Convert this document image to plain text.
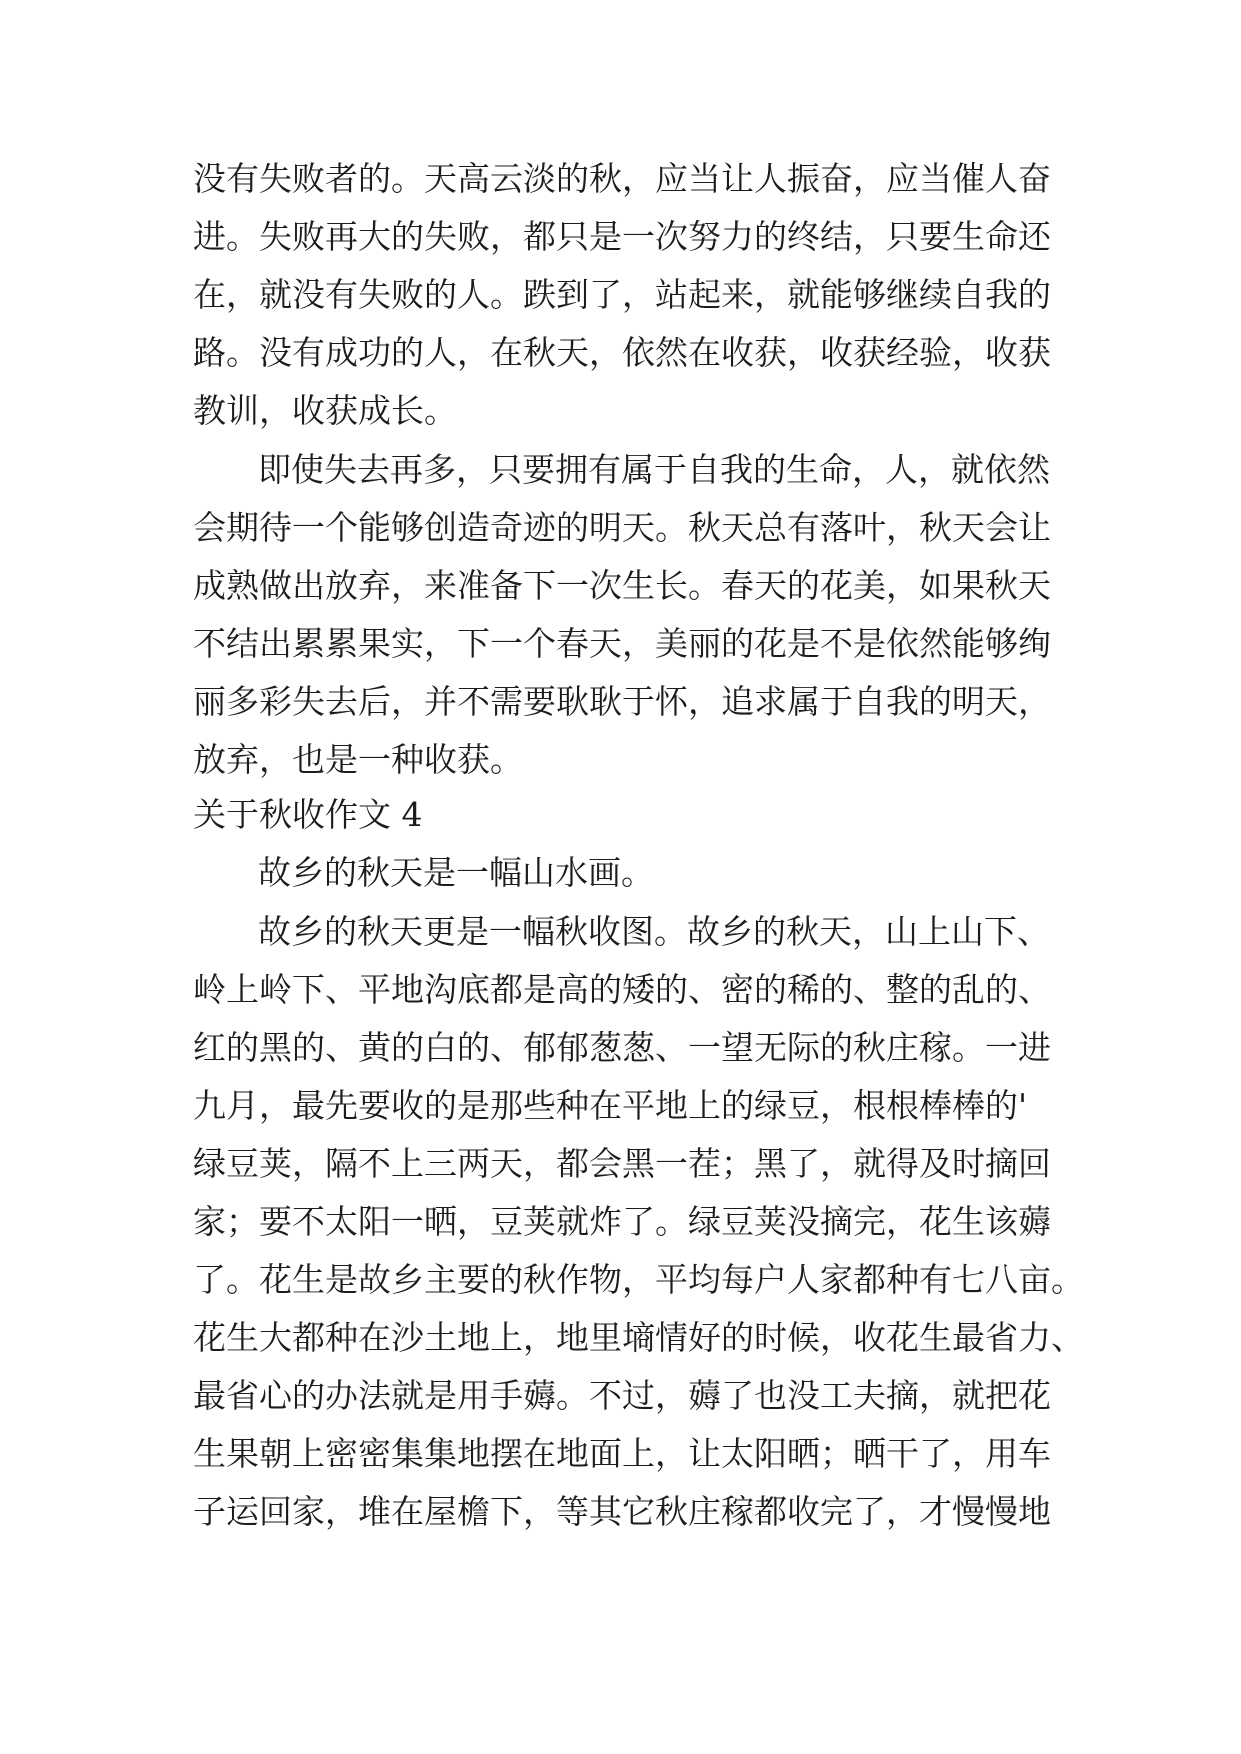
没有失败者的。天高云淡的秋，应当让人振奋，应当催人奋
进。失败再大的失败，都只是一次努力的终结，只要生命还
在，就没有失败的人。跌到了，站起来，就能够继续自我的
路。没有成功的人，在秋天，依然在收获，收获经验，收获
教训，收获成长。
即使失去再多，只要拥有属于自我的生命，人，就依然
会期待一个能够创造奇迹的明天。秋天总有落叶，秋天会让
成熟做出放弃，来准备下一次生长。春天的花美，如果秋天
不结出累累果实，下一个春天，美丽的花是不是依然能够绚
丽多彩失去后，并不需要耿耿于怀，追求属于自我的明天，
放弃，也是一种收获。
关于秋收作文 4
故乡的秋天是一幅山水画。
故乡的秋天更是一幅秋收图。故乡的秋天，山上山下、
岭上岭下、平地沟底都是高的矮的、密的稀的、整的乱的、
红的黑的、黄的白的、郁郁葱葱、一望无际的秋庄稼。一进
九月，最先要收的是那些种在平地上的绿豆，根根棒棒的'
绿豆荚，隔不上三两天，都会黑一茬；黑了，就得及时摘回
家；要不太阳一晒，豆荚就炸了。绿豆荚没摘完，花生该薅
了。花生是故乡主要的秋作物，平均每户人家都种有七八亩。
花生大都种在沙土地上，地里墒情好的时候，收花生最省力、
最省心的办法就是用手薅。不过，薅了也没工夫摘，就把花
生果朝上密密集集地摆在地面上，让太阳晒；晒干了，用车
子运回家，堆在屋檐下，等其它秋庄稼都收完了，才慢慢地
